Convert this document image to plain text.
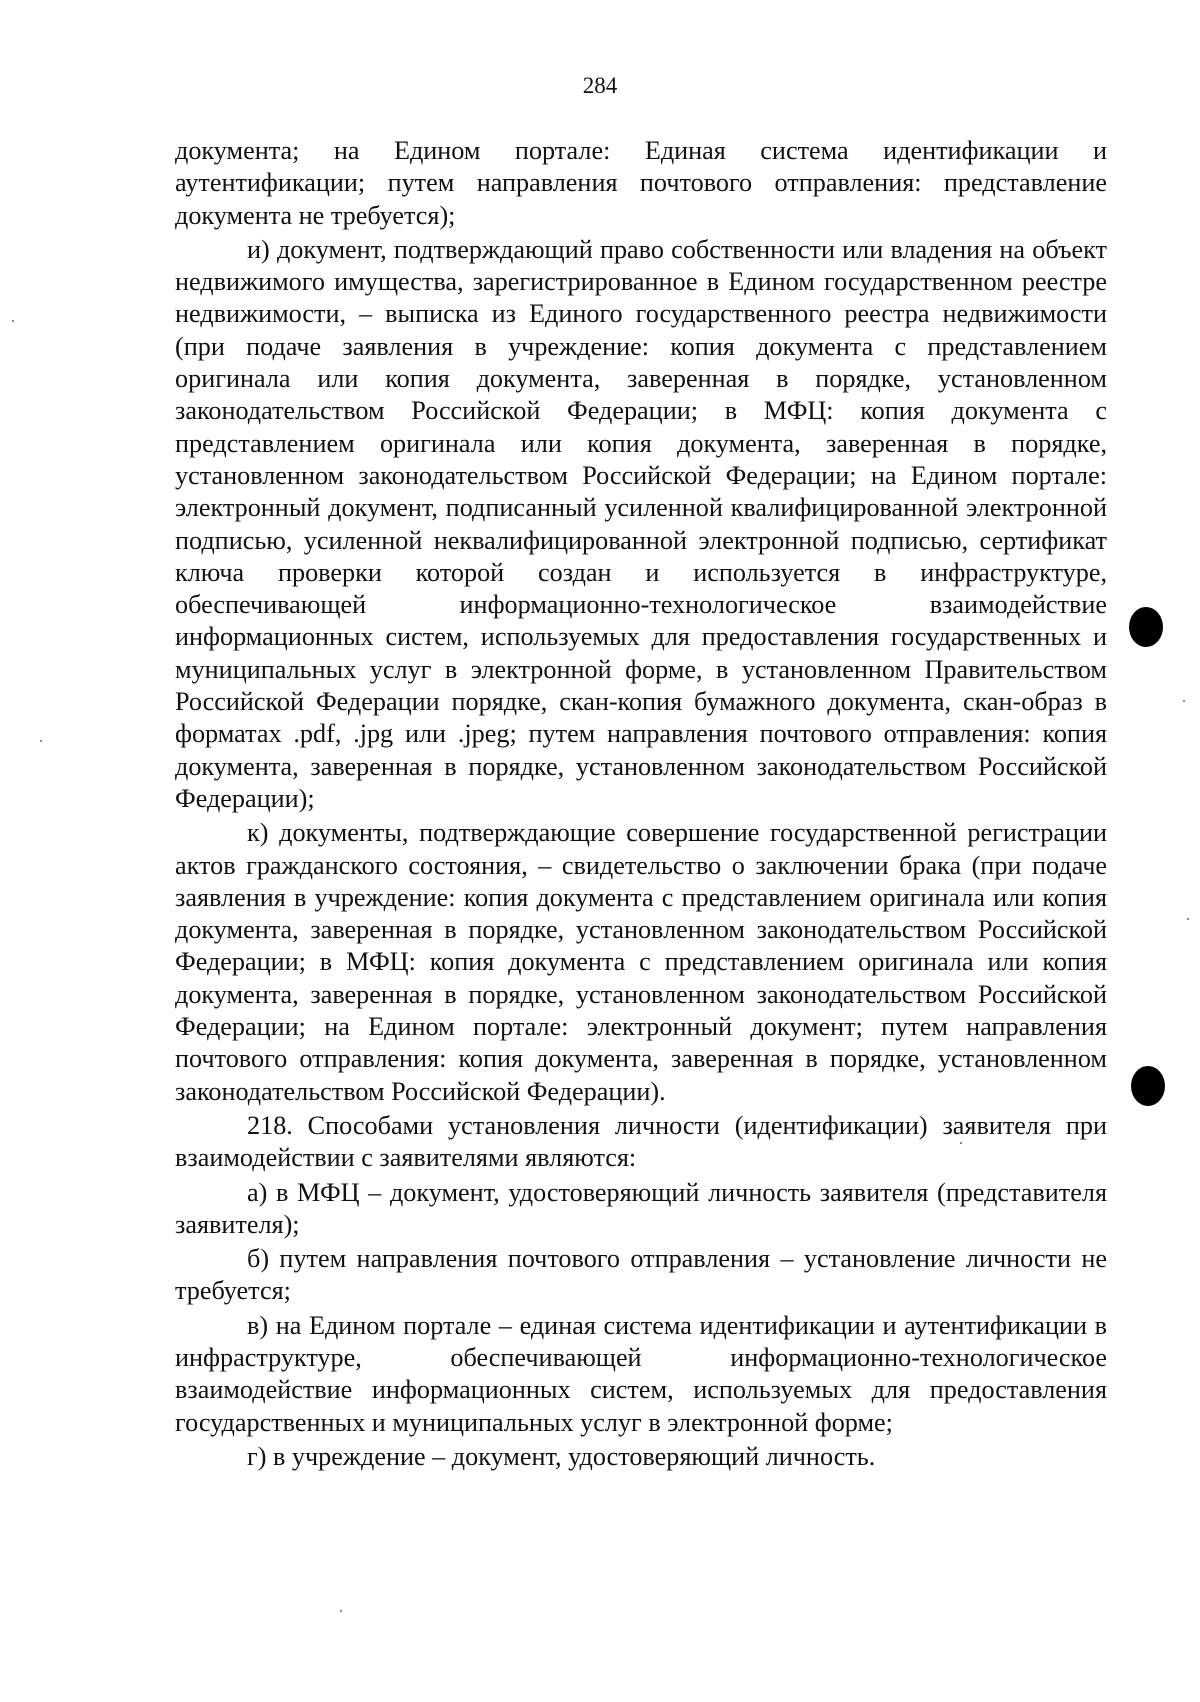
284

документа; на Едином портале: Единая система идентификации и аутентификации; путем направления почтового отправления: представление документа не требуется);

и) документ, подтверждающий право собственности или владения на объект недвижимого имущества, зарегистрированное в Едином государственном реестре недвижимости, – выписка из Единого государственного реестра недвижимости (при подаче заявления в учреждение: копия документа с представлением оригинала или копия документа, заверенная в порядке, установленном законодательством Российской Федерации; в МФЦ: копия документа с представлением оригинала или копия документа, заверенная в порядке, установленном законодательством Российской Федерации; на Едином портале: электронный документ, подписанный усиленной квалифицированной электронной подписью, усиленной неквалифицированной электронной подписью, сертификат ключа проверки которой создан и используется в инфраструктуре, обеспечивающей информационно-технологическое взаимодействие информационных систем, используемых для предоставления государственных и муниципальных услуг в электронной форме, в установленном Правительством Российской Федерации порядке, скан-копия бумажного документа, скан-образ в форматах .pdf, .jpg или .jpeg; путем направления почтового отправления: копия документа, заверенная в порядке, установленном законодательством Российской Федерации);

к) документы, подтверждающие совершение государственной регистрации актов гражданского состояния, – свидетельство о заключении брака (при подаче заявления в учреждение: копия документа с представлением оригинала или копия документа, заверенная в порядке, установленном законодательством Российской Федерации; в МФЦ: копия документа с представлением оригинала или копия документа, заверенная в порядке, установленном законодательством Российской Федерации; на Едином портале: электронный документ; путем направления почтового отправления: копия документа, заверенная в порядке, установленном законодательством Российской Федерации).

218. Способами установления личности (идентификации) заявителя при взаимодействии с заявителями являются:

а) в МФЦ – документ, удостоверяющий личность заявителя (представителя заявителя);

б) путем направления почтового отправления – установление личности не требуется;

в) на Едином портале – единая система идентификации и аутентификации в инфраструктуре, обеспечивающей информационно-технологическое взаимодействие информационных систем, используемых для предоставления государственных и муниципальных услуг в электронной форме;

г) в учреждение – документ, удостоверяющий личность.
